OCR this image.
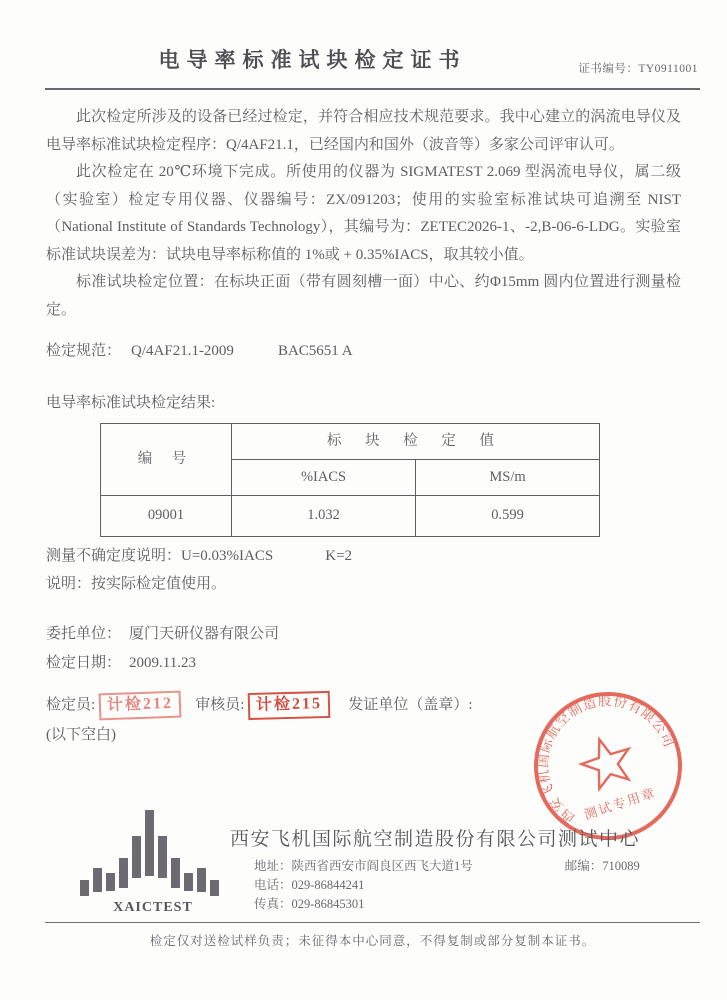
电导率标准试块检定证书	证书编号：TY0911001

此次检定所涉及的设备已经过检定，并符合相应技术规范要求。我中心建立的涡流电导仪及电导率标准试块检定程序：Q/4AF21.1，已经国内和国外（波音等）多家公司评审认可。

此次检定在 20℃环境下完成。所使用的仪器为 SIGMATEST 2.069 型涡流电导仪，属二级（实验室）检定专用仪器、仪器编号：ZX/091203；使用的实验室标准试块可追溯至 NIST（National Institute of Standards Technology），其编号为：ZETEC2026-1、-2,B-06-6-LDG。实验室标准试块误差为：试块电导率标称值的 1%或 + 0.35%IACS，取其较小值。

标准试块检定位置：在标块正面（带有圆刻槽一面）中心、约Φ15mm 圆内位置进行测量检定。

检定规范： Q/4AF21.1-2009	BAC5651 A
电导率标准试块检定结果:
编 号	标 块 检 定 值	
	%IACS	MS/m
09001	1.032	0.599
测量不确定度说明：U=0.03%IACS	K=2
说明：按实际检定值使用。
委托单位： 厦门天研仪器有限公司
检定日期： 2009.11.23
检定员: 计检212	审核员: 计检215	发证单位（盖章）:
(以下空白)
西安飞机国际航空制造股份有限公司
测试专用章
XAICTEST
西安飞机国际航空制造股份有限公司测试中心
地址：陕西省西安市阎良区西飞大道1号	邮编：710089
电话：029-86844241
传真：029-86845301
检定仅对送检试样负责；未征得本中心同意，不得复制或部分复制本证书。
